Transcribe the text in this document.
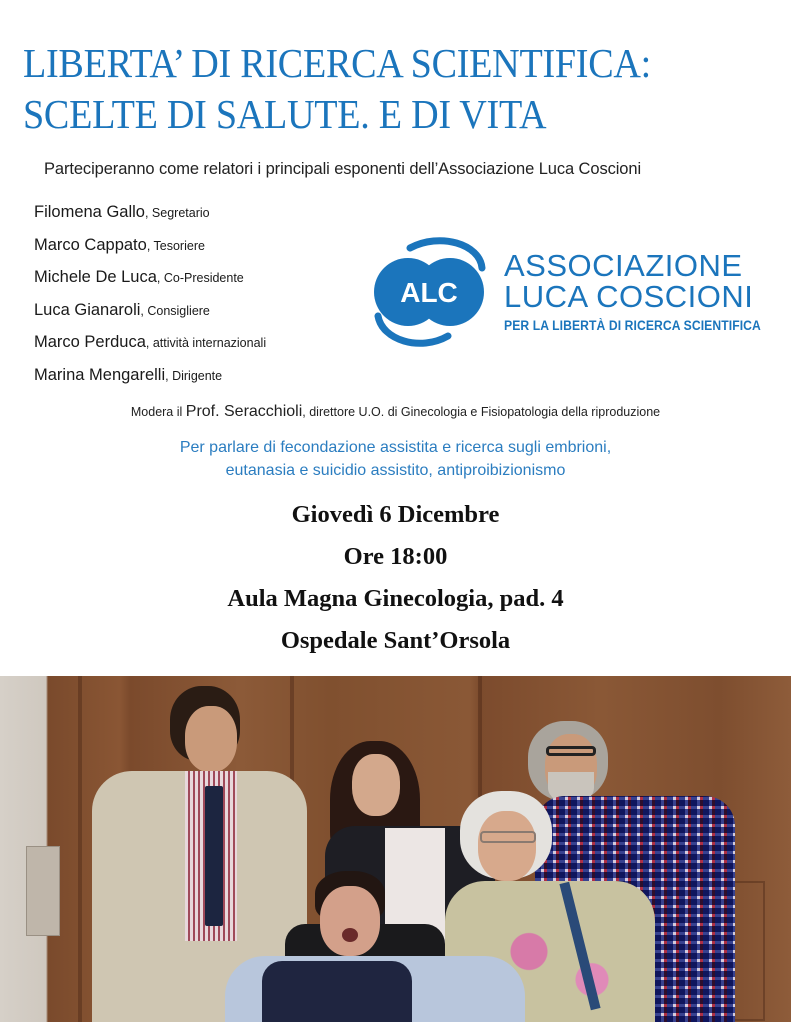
LIBERTA’ DI RICERCA SCIENTIFICA:
SCELTE DI SALUTE. E DI VITA
Parteciperanno come relatori i principali esponenti dell’Associazione Luca Coscioni
Filomena Gallo, Segretario
Marco Cappato, Tesoriere
Michele De Luca, Co-Presidente
Luca Gianaroli, Consigliere
Marco Perduca, attività internazionali
Marina Mengarelli, Dirigente
ALC
ASSOCIAZIONE
LUCA COSCIONI
PER LA LIBERTÀ DI RICERCA SCIENTIFICA
Modera il Prof. Seracchioli, direttore U.O. di Ginecologia e Fisiopatologia della riproduzione
Per parlare di fecondazione assistita e ricerca sugli embrioni,
eutanasia e suicidio assistito, antiproibizionismo
Giovedì 6 Dicembre
Ore 18:00
Aula Magna Ginecologia, pad. 4
Ospedale Sant’Orsola
